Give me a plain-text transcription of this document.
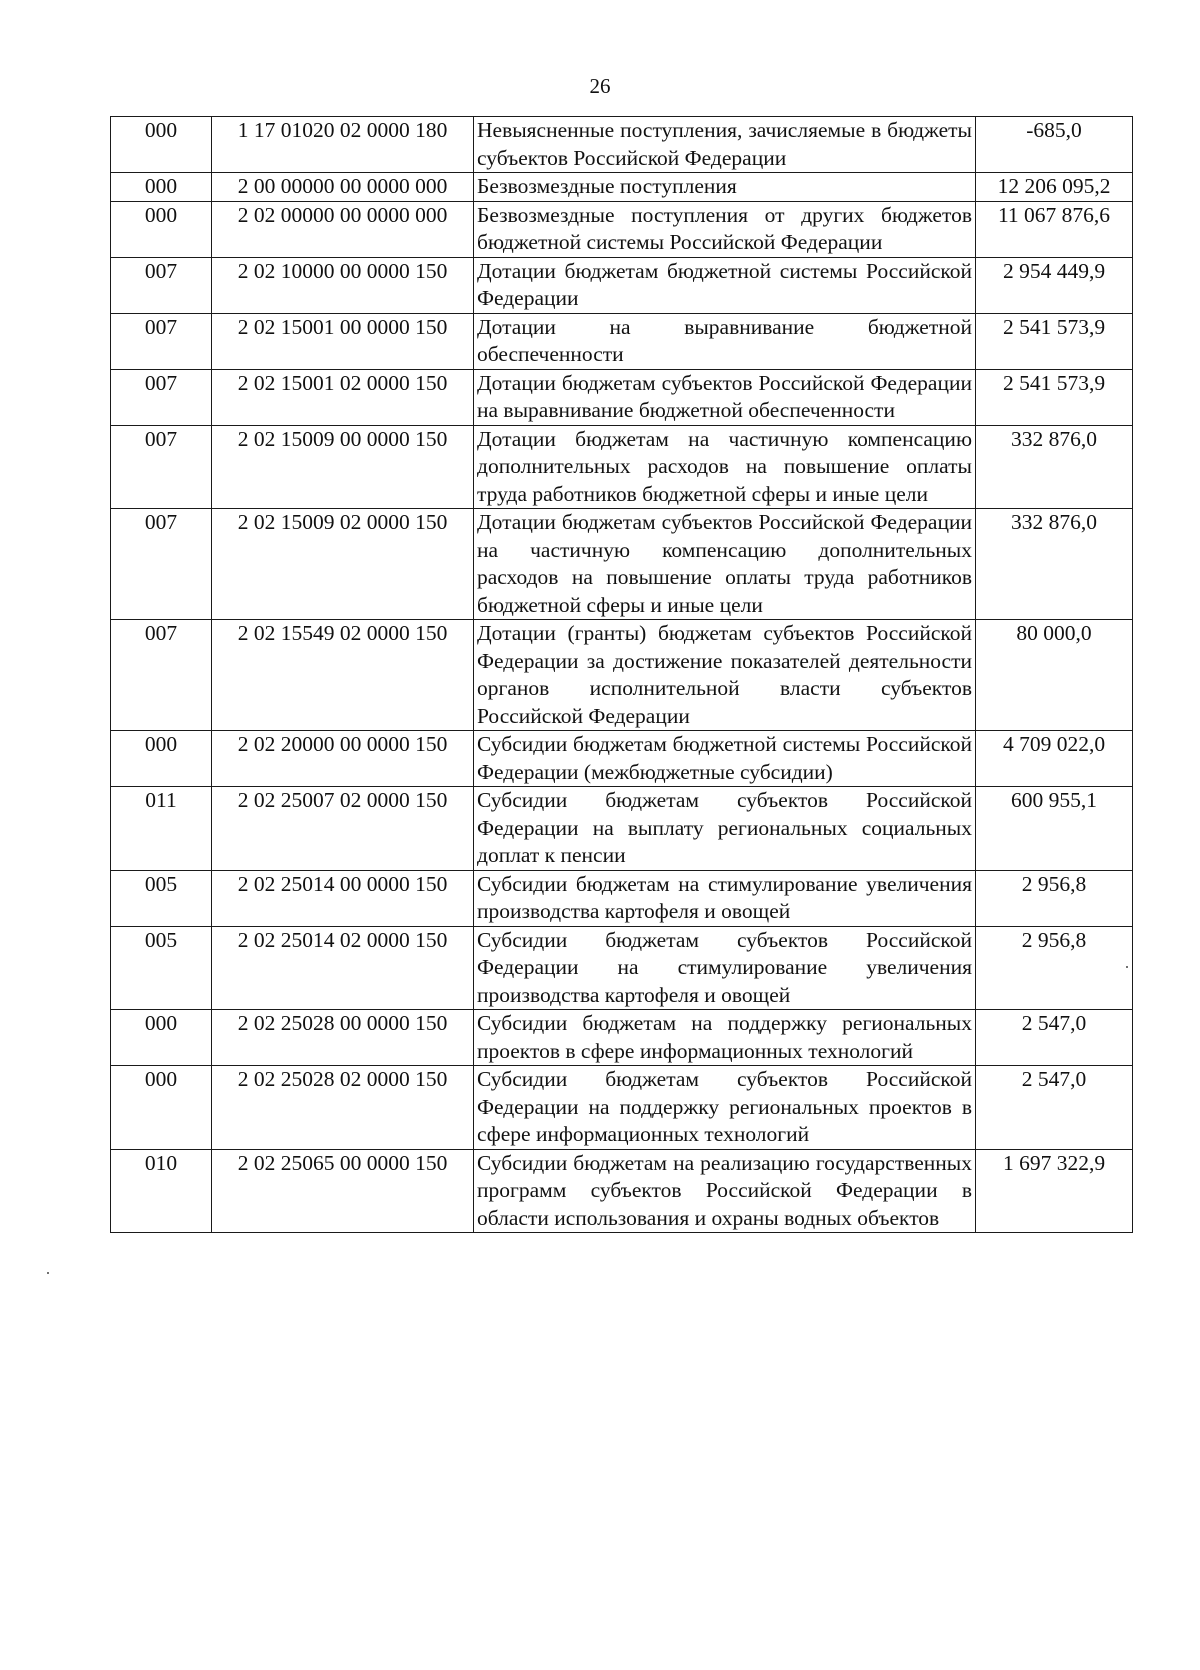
26
000	1 17 01020 02 0000 180	Невыясненные поступления, зачисляемые в бюджеты субъектов Российской Федерации	-685,0
000	2 00 00000 00 0000 000	Безвозмездные поступления	12 206 095,2
000	2 02 00000 00 0000 000	Безвозмездные поступления от других бюджетов бюджетной системы Российской Федерации	11 067 876,6
007	2 02 10000 00 0000 150	Дотации бюджетам бюджетной системы Российской Федерации	2 954 449,9
007	2 02 15001 00 0000 150	Дотации на выравнивание бюджетной обеспеченности	2 541 573,9
007	2 02 15001 02 0000 150	Дотации бюджетам субъектов Российской Федерации на выравнивание бюджетной обеспеченности	2 541 573,9
007	2 02 15009 00 0000 150	Дотации бюджетам на частичную компенсацию дополнительных расходов на повышение оплаты труда работников бюджетной сферы и иные цели	332 876,0
007	2 02 15009 02 0000 150	Дотации бюджетам субъектов Российской Федерации на частичную компенсацию дополнительных расходов на повышение оплаты труда работников бюджетной сферы и иные цели	332 876,0
007	2 02 15549 02 0000 150	Дотации (гранты) бюджетам субъектов Российской Федерации за достижение показателей деятельности органов исполнительной власти субъектов Российской Федерации	80 000,0
000	2 02 20000 00 0000 150	Субсидии бюджетам бюджетной системы Российской Федерации (межбюджетные субсидии)	4 709 022,0
011	2 02 25007 02 0000 150	Субсидии бюджетам субъектов Российской Федерации на выплату региональных социальных доплат к пенсии	600 955,1
005	2 02 25014 00 0000 150	Субсидии бюджетам на стимулирование увеличения производства картофеля и овощей	2 956,8
005	2 02 25014 02 0000 150	Субсидии бюджетам субъектов Российской Федерации на стимулирование увеличения производства картофеля и овощей	2 956,8
000	2 02 25028 00 0000 150	Субсидии бюджетам на поддержку региональных проектов в сфере информационных технологий	2 547,0
000	2 02 25028 02 0000 150	Субсидии бюджетам субъектов Российской Федерации на поддержку региональных проектов в сфере информационных технологий	2 547,0
010	2 02 25065 00 0000 150	Субсидии бюджетам на реализацию государственных программ субъектов Российской Федерации в области использования и охраны водных объектов	1 697 322,9
